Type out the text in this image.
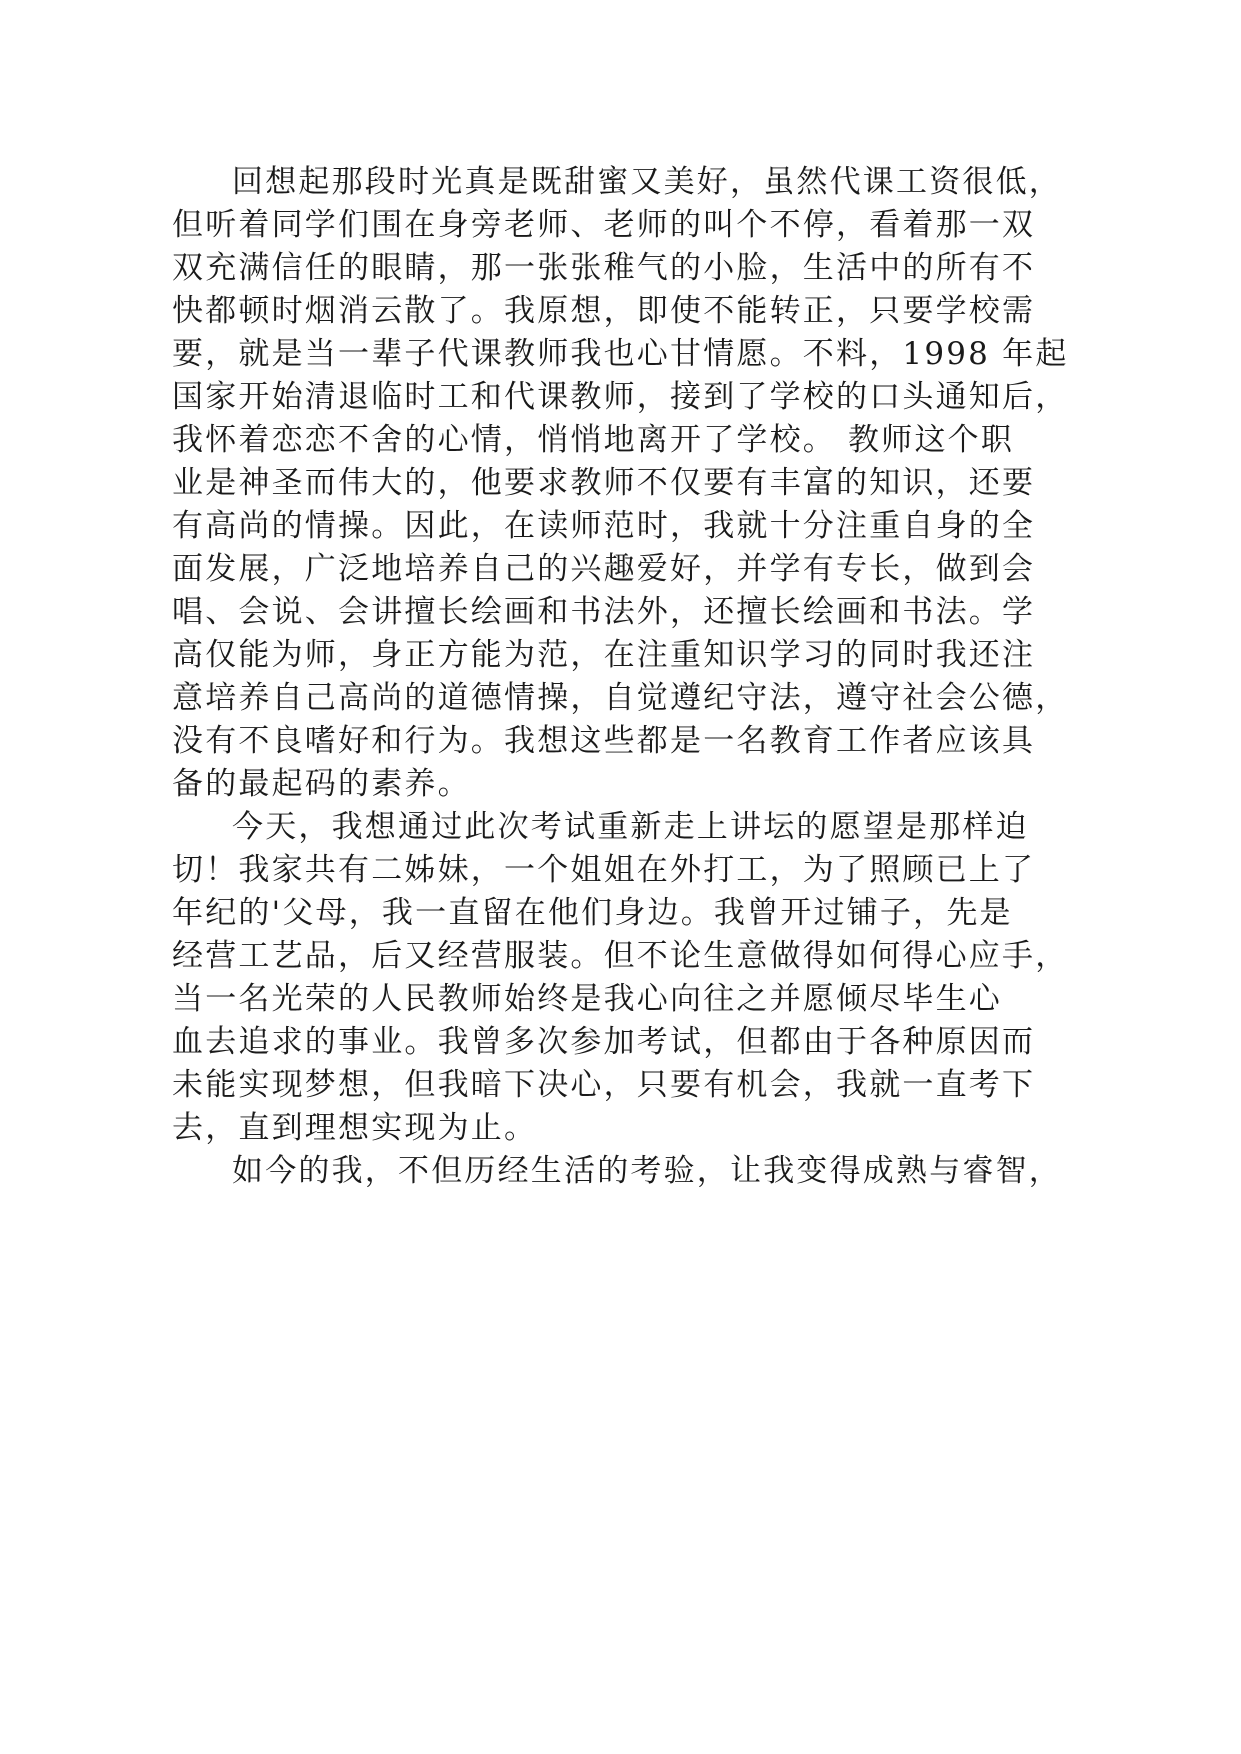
回想起那段时光真是既甜蜜又美好，虽然代课工资很低，
但听着同学们围在身旁老师、老师的叫个不停，看着那一双
双充满信任的眼睛，那一张张稚气的小脸，生活中的所有不
快都顿时烟消云散了。我原想，即使不能转正，只要学校需
要，就是当一辈子代课教师我也心甘情愿。不料，1998 年起
国家开始清退临时工和代课教师，接到了学校的口头通知后，
我怀着恋恋不舍的心情，悄悄地离开了学校。 教师这个职
业是神圣而伟大的，他要求教师不仅要有丰富的知识，还要
有高尚的情操。因此，在读师范时，我就十分注重自身的全
面发展，广泛地培养自己的兴趣爱好，并学有专长，做到会
唱、会说、会讲擅长绘画和书法外，还擅长绘画和书法。学
高仅能为师，身正方能为范，在注重知识学习的同时我还注
意培养自己高尚的道德情操，自觉遵纪守法，遵守社会公德，
没有不良嗜好和行为。我想这些都是一名教育工作者应该具
备的最起码的素养。
今天，我想通过此次考试重新走上讲坛的愿望是那样迫
切！我家共有二姊妹，一个姐姐在外打工，为了照顾已上了
年纪的'父母，我一直留在他们身边。我曾开过铺子，先是
经营工艺品，后又经营服装。但不论生意做得如何得心应手，
当一名光荣的人民教师始终是我心向往之并愿倾尽毕生心
血去追求的事业。我曾多次参加考试，但都由于各种原因而
未能实现梦想，但我暗下决心，只要有机会，我就一直考下
去，直到理想实现为止。
如今的我，不但历经生活的考验，让我变得成熟与睿智，
